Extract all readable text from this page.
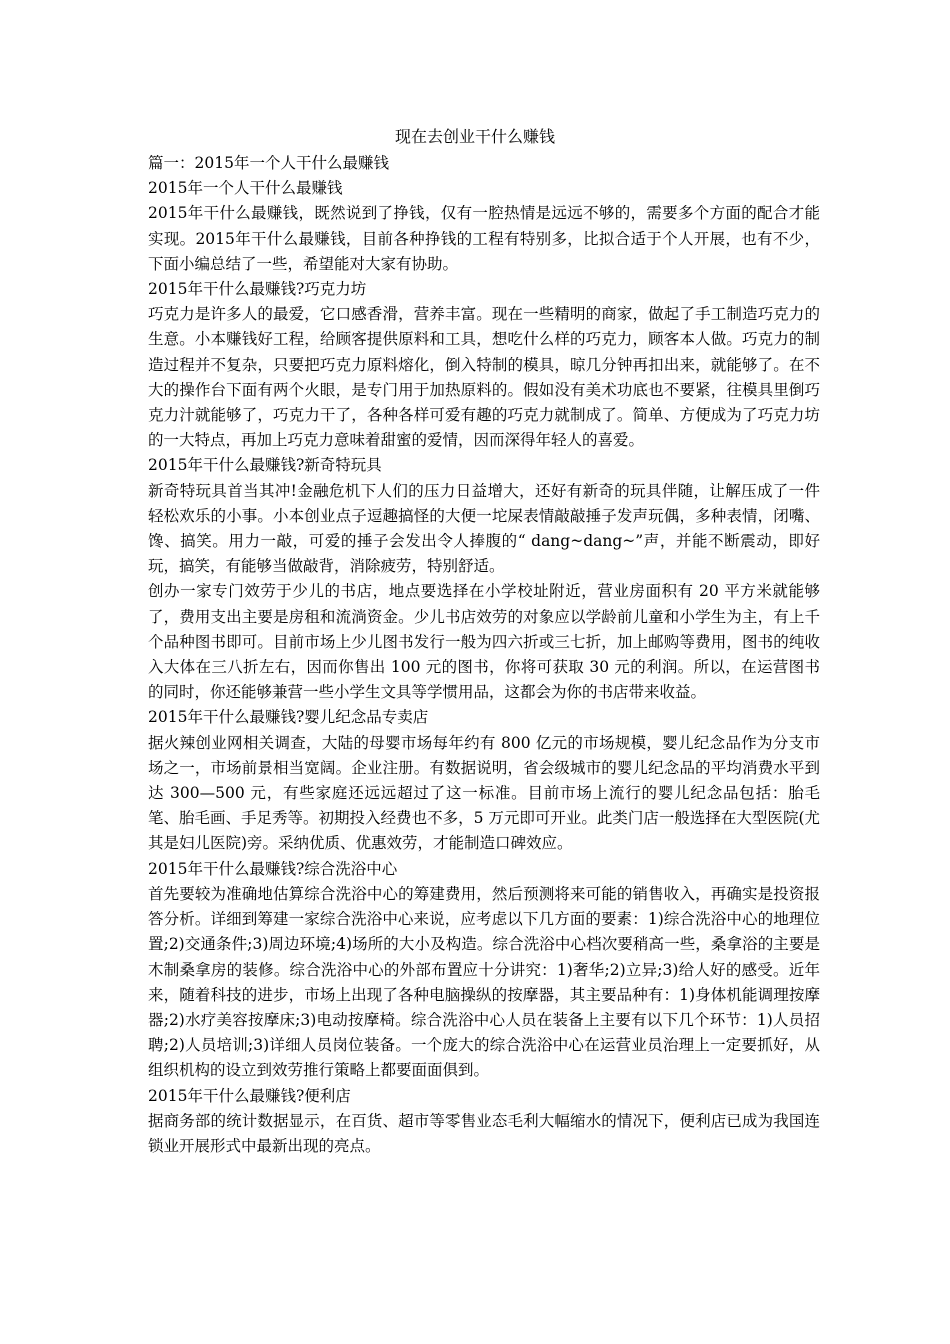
现在去创业干什么赚钱

篇一：2015年一个人干什么最赚钱

2015年一个人干什么最赚钱

2015年干什么最赚钱，既然说到了挣钱，仅有一腔热情是远远不够的，需要多个方面的配合才能实现。2015年干什么最赚钱，目前各种挣钱的工程有特别多，比拟合适于个人开展，也有不少，下面小编总结了一些，希望能对大家有协助。

2015年干什么最赚钱?巧克力坊

巧克力是许多人的最爱，它口感香滑，营养丰富。现在一些精明的商家，做起了手工制造巧克力的生意。小本赚钱好工程，给顾客提供原料和工具，想吃什么样的巧克力，顾客本人做。巧克力的制造过程并不复杂，只要把巧克力原料熔化，倒入特制的模具，晾几分钟再扣出来，就能够了。在不大的操作台下面有两个火眼，是专门用于加热原料的。假如没有美术功底也不要紧，往模具里倒巧克力汁就能够了，巧克力干了，各种各样可爱有趣的巧克力就制成了。简单、方便成为了巧克力坊的一大特点，再加上巧克力意味着甜蜜的爱情，因而深得年轻人的喜爱。

2015年干什么最赚钱?新奇特玩具

新奇特玩具首当其冲!金融危机下人们的压力日益增大，还好有新奇的玩具伴随，让解压成了一件轻松欢乐的小事。小本创业点子逗趣搞怪的大便一坨屎表情敲敲捶子发声玩偶，多种表情，闭嘴、馋、搞笑。用力一敲，可爱的捶子会发出令人捧腹的“ dang~dang~”声，并能不断震动，即好玩，搞笑，有能够当做敲背，消除疲劳，特别舒适。

创办一家专门效劳于少儿的书店，地点要选择在小学校址附近，营业房面积有 20 平方米就能够了，费用支出主要是房租和流淌资金。少儿书店效劳的对象应以学龄前儿童和小学生为主，有上千个品种图书即可。目前市场上少儿图书发行一般为四六折或三七折，加上邮购等费用，图书的纯收入大体在三八折左右，因而你售出 100 元的图书，你将可获取 30 元的利润。所以，在运营图书的同时，你还能够兼营一些小学生文具等学惯用品，这都会为你的书店带来收益。

2015年干什么最赚钱?婴儿纪念品专卖店

据火辣创业网相关调查，大陆的母婴市场每年约有 800 亿元的市场规模，婴儿纪念品作为分支市场之一，市场前景相当宽阔。企业注册。有数据说明，省会级城市的婴儿纪念品的平均消费水平到达 300—500 元，有些家庭还远远超过了这一标准。目前市场上流行的婴儿纪念品包括：胎毛笔、胎毛画、手足秀等。初期投入经费也不多，5 万元即可开业。此类门店一般选择在大型医院(尤其是妇儿医院)旁。采纳优质、优惠效劳，才能制造口碑效应。

2015年干什么最赚钱?综合洗浴中心

首先要较为准确地估算综合洗浴中心的筹建费用，然后预测将来可能的销售收入，再确实是投资报答分析。详细到筹建一家综合洗浴中心来说，应考虑以下几方面的要素：1)综合洗浴中心的地理位置;2)交通条件;3)周边环境;4)场所的大小及构造。综合洗浴中心档次要稍高一些，桑拿浴的主要是木制桑拿房的装修。综合洗浴中心的外部布置应十分讲究：1)奢华;2)立异;3)给人好的感受。近年来，随着科技的进步，市场上出现了各种电脑操纵的按摩器，其主要品种有：1)身体机能调理按摩器;2)水疗美容按摩床;3)电动按摩椅。综合洗浴中心人员在装备上主要有以下几个环节：1)人员招聘;2)人员培训;3)详细人员岗位装备。一个庞大的综合洗浴中心在运营业员治理上一定要抓好，从组织机构的设立到效劳推行策略上都要面面俱到。

2015年干什么最赚钱?便利店

据商务部的统计数据显示，在百货、超市等零售业态毛利大幅缩水的情况下，便利店已成为我国连锁业开展形式中最新出现的亮点。
